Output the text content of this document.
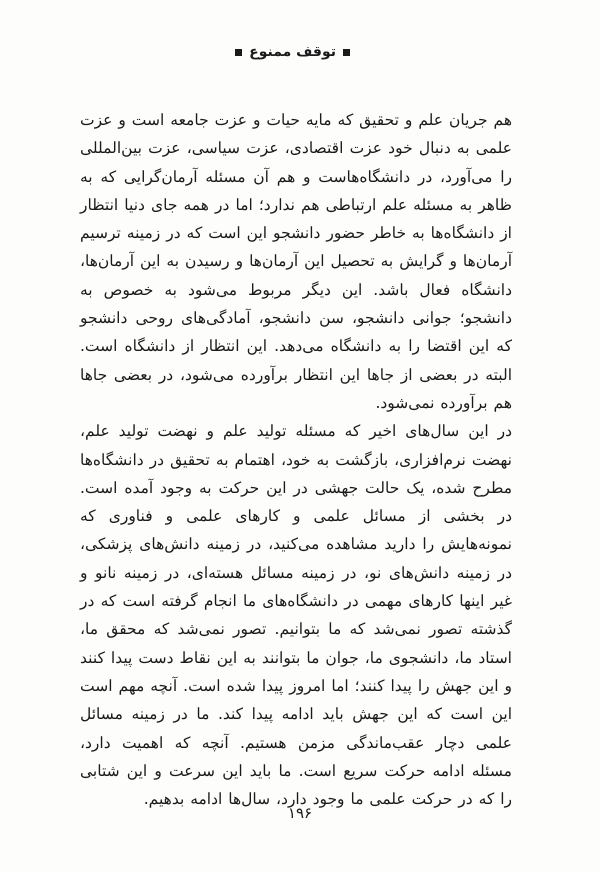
توقف ممنوع

هم جریان علم و تحقیق که مایه حیات و عزت جامعه است و عزت علمی به دنبال خود عزت اقتصادی، عزت سیاسی، عزت بین‌المللی را می‌آورد، در دانشگاه‌هاست و هم آن مسئله آرمان‌گرایی که به ظاهر به مسئله علم ارتباطی هم ندارد؛ اما در همه جای دنیا انتظار از دانشگاه‌ها به خاطر حضور دانشجو این است که در زمینه ترسیم آرمان‌ها و گرایش به تحصیل این آرمان‌ها و رسیدن به این آرمان‌ها، دانشگاه فعال باشد. این دیگر مربوط می‌شود به خصوص به دانشجو؛ جوانی دانشجو، سن دانشجو، آمادگی‌های روحی دانشجو که این اقتضا را به دانشگاه می‌دهد. این انتظار از دانشگاه است. البته در بعضی از جاها این انتظار برآورده می‌شود، در بعضی جاها هم برآورده نمی‌شود.

در این سال‌های اخیر که مسئله تولید علم و نهضت تولید علم، نهضت نرم‌افزاری، بازگشت به خود، اهتمام به تحقیق در دانشگاه‌ها مطرح شده، یک حالت جهشی در این حرکت به وجود آمده است. در بخشی از مسائل علمی و کارهای علمی و فناوری که نمونه‌هایش را دارید مشاهده می‌کنید، در زمینه دانش‌های پزشکی، در زمینه دانش‌های نو، در زمینه مسائل هسته‌ای، در زمینه نانو و غیر اینها کارهای مهمی در دانشگاه‌های ما انجام گرفته است که در گذشته تصور نمی‌شد که ما بتوانیم. تصور نمی‌شد که محقق ما، استاد ما، دانشجوی ما، جوان ما بتوانند به این نقاط دست پیدا کنند و این جهش را پیدا کنند؛ اما امروز پیدا شده است. آنچه مهم است این است که این جهش باید ادامه پیدا کند. ما در زمینه مسائل علمی دچار عقب‌ماندگی مزمن هستیم. آنچه که اهمیت دارد، مسئله ادامه حرکت سریع است. ما باید این سرعت و این شتابی را که در حرکت علمی ما وجود دارد، سال‌ها ادامه بدهیم.

۱۹۶
